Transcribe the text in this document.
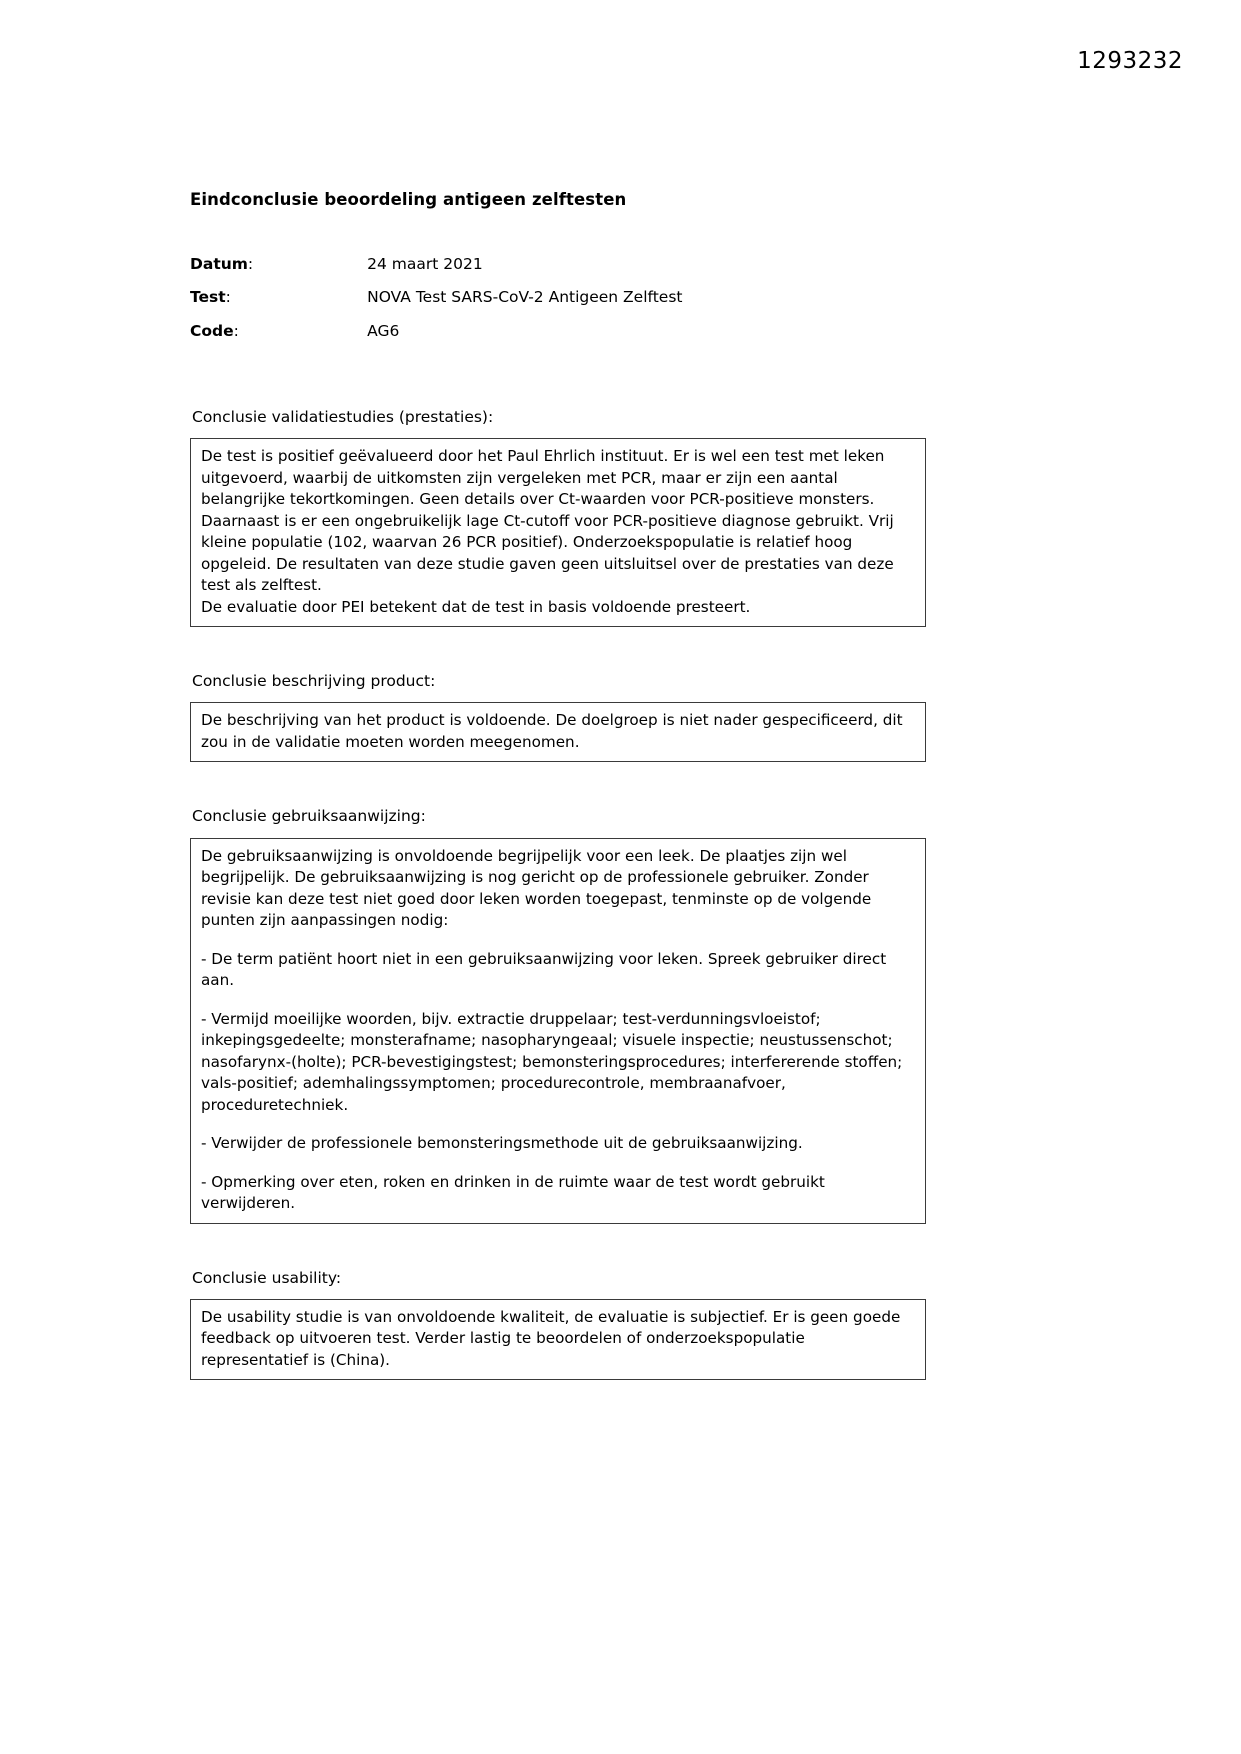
1293232
Eindconclusie beoordeling antigeen zelftesten
Datum:	24 maart 2021
Test:	NOVA Test SARS-CoV-2 Antigeen Zelftest
Code:	AG6
Conclusie validatiestudies (prestaties):

De test is positief geëvalueerd door het Paul Ehrlich instituut. Er is wel een test met leken uitgevoerd, waarbij de uitkomsten zijn vergeleken met PCR, maar er zijn een aantal belangrijke tekortkomingen. Geen details over Ct-waarden voor PCR-positieve monsters. Daarnaast is er een ongebruikelijk lage Ct-cutoff voor PCR-positieve diagnose gebruikt. Vrij kleine populatie (102, waarvan 26 PCR positief). Onderzoekspopulatie is relatief hoog opgeleid. De resultaten van deze studie gaven geen uitsluitsel over de prestaties van deze test als zelftest.

De evaluatie door PEI betekent dat de test in basis voldoende presteert.

Conclusie beschrijving product:

De beschrijving van het product is voldoende. De doelgroep is niet nader gespecificeerd, dit zou in de validatie moeten worden meegenomen.

Conclusie gebruiksaanwijzing:

De gebruiksaanwijzing is onvoldoende begrijpelijk voor een leek. De plaatjes zijn wel begrijpelijk. De gebruiksaanwijzing is nog gericht op de professionele gebruiker. Zonder revisie kan deze test niet goed door leken worden toegepast, tenminste op de volgende punten zijn aanpassingen nodig:

- De term patiënt hoort niet in een gebruiksaanwijzing voor leken. Spreek gebruiker direct aan.

- Vermijd moeilijke woorden, bijv. extractie druppelaar; test-verdunningsvloeistof; inkepingsgedeelte; monsterafname; nasopharyngeaal; visuele inspectie; neustussenschot; nasofarynx-(holte); PCR-bevestigingstest; bemonsteringsprocedures; interfererende stoffen; vals-positief; ademhalingssymptomen; procedurecontrole, membraanafvoer, proceduretechniek.

- Verwijder de professionele bemonsteringsmethode uit de gebruiksaanwijzing.

- Opmerking over eten, roken en drinken in de ruimte waar de test wordt gebruikt verwijderen.

Conclusie usability:

De usability studie is van onvoldoende kwaliteit, de evaluatie is subjectief. Er is geen goede feedback op uitvoeren test. Verder lastig te beoordelen of onderzoekspopulatie representatief is (China).
